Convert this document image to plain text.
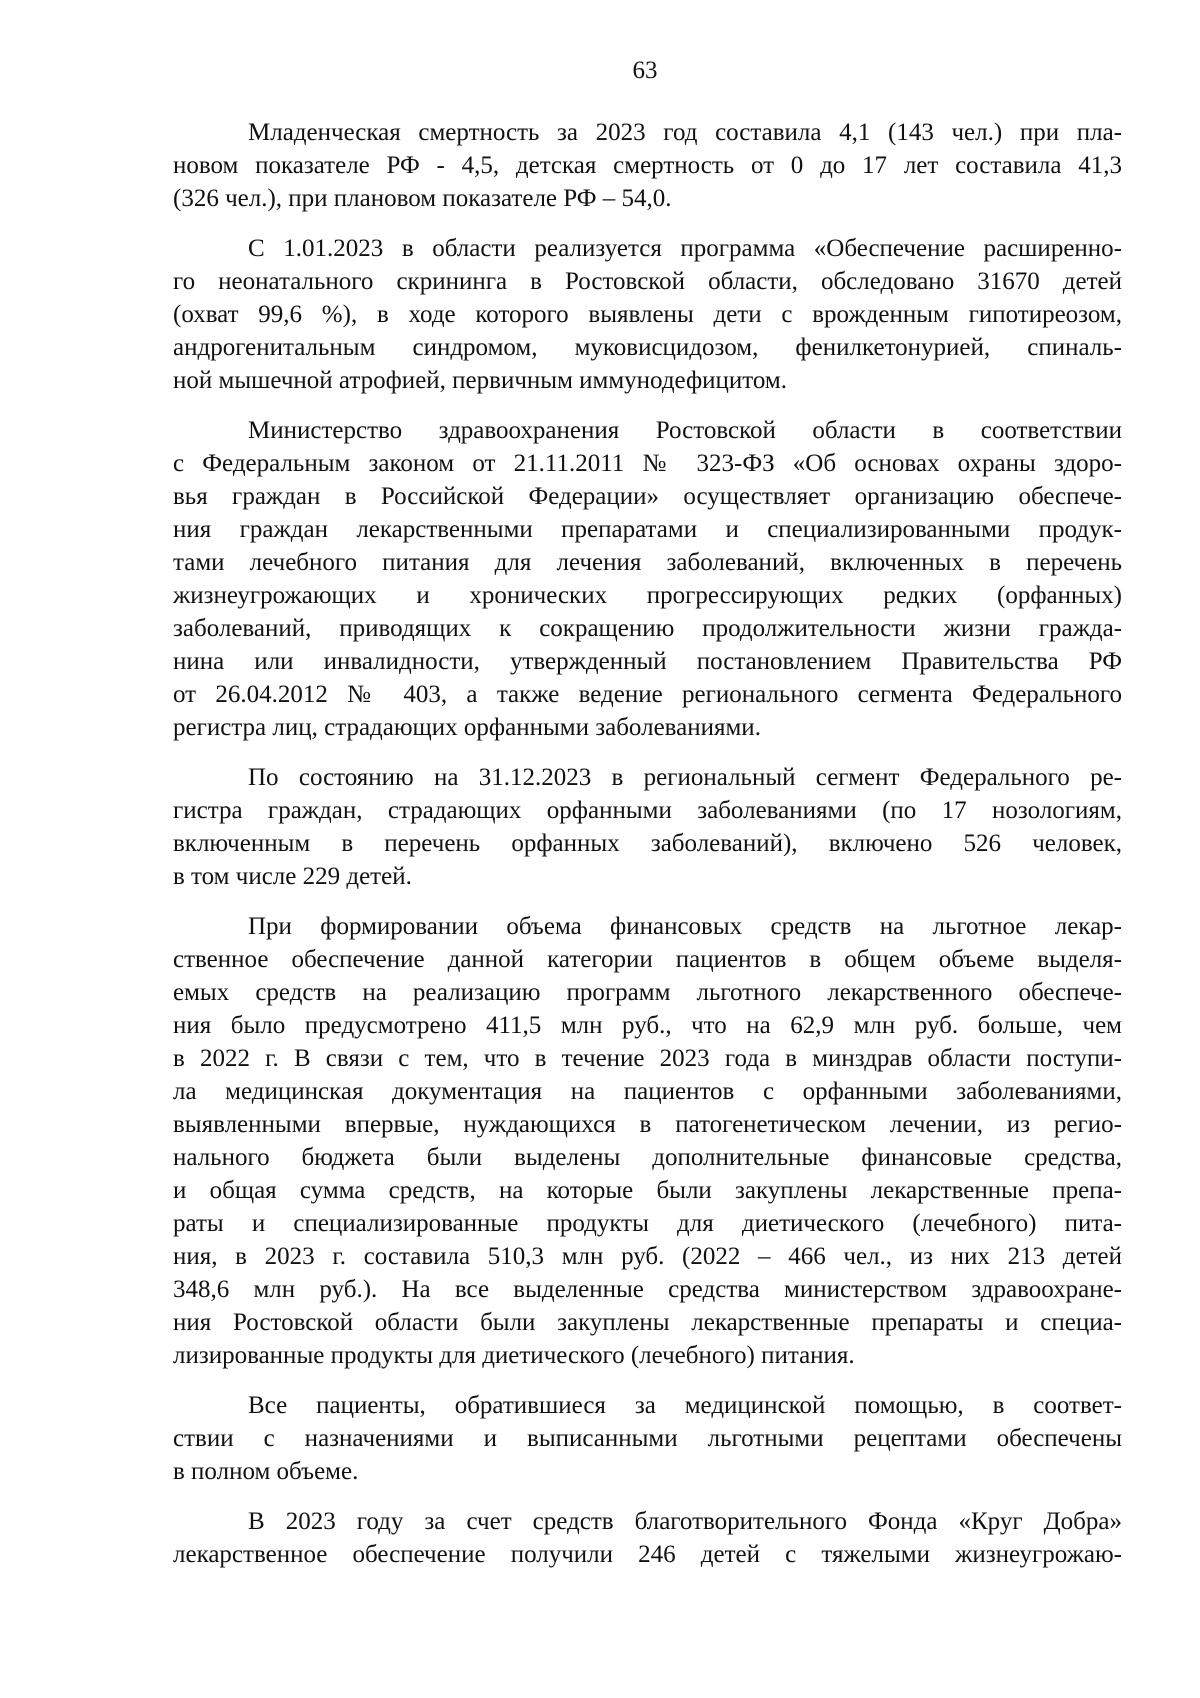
63

Младенческая смертность за 2023 год составила 4,1 (143 чел.) при пла-
новом показателе РФ - 4,5, детская смертность от 0 до 17 лет составила 41,3
(326 чел.), при плановом показателе РФ – 54,0.

С 1.01.2023 в области реализуется программа «Обеспечение расширенно-
го неонатального скрининга в Ростовской области, обследовано 31670 детей
(охват 99,6 %), в ходе которого выявлены дети с врожденным гипотиреозом,
андрогенитальным синдромом, муковисцидозом, фенилкетонурией, спиналь-
ной мышечной атрофией, первичным иммунодефицитом.

Министерство здравоохранения Ростовской области в соответствии
с Федеральным законом от 21.11.2011 № 323-ФЗ «Об основах охраны здоро-
вья граждан в Российской Федерации» осуществляет организацию обеспече-
ния граждан лекарственными препаратами и специализированными продук-
тами лечебного питания для лечения заболеваний, включенных в перечень
жизнеугрожающих и хронических прогрессирующих редких (орфанных)
заболеваний, приводящих к сокращению продолжительности жизни гражда-
нина или инвалидности, утвержденный постановлением Правительства РФ
от 26.04.2012 № 403, а также ведение регионального сегмента Федерального
регистра лиц, страдающих орфанными заболеваниями.

По состоянию на 31.12.2023 в региональный сегмент Федерального ре-
гистра граждан, страдающих орфанными заболеваниями (по 17 нозологиям,
включенным в перечень орфанных заболеваний), включено 526 человек,
в том числе 229 детей.

При формировании объема финансовых средств на льготное лекар-
ственное обеспечение данной категории пациентов в общем объеме выделя-
емых средств на реализацию программ льготного лекарственного обеспече-
ния было предусмотрено 411,5 млн руб., что на 62,9 млн руб. больше, чем
в 2022 г. В связи с тем, что в течение 2023 года в минздрав области поступи-
ла медицинская документация на пациентов с орфанными заболеваниями,
выявленными впервые, нуждающихся в патогенетическом лечении, из регио-
нального бюджета были выделены дополнительные финансовые средства,
и общая сумма средств, на которые были закуплены лекарственные препа-
раты и специализированные продукты для диетического (лечебного) пита-
ния, в 2023 г. составила 510,3 млн руб. (2022 – 466 чел., из них 213 детей
348,6 млн руб.). На все выделенные средства министерством здравоохране-
ния Ростовской области были закуплены лекарственные препараты и специа-
лизированные продукты для диетического (лечебного) питания.

Все пациенты, обратившиеся за медицинской помощью, в соответ-
ствии с назначениями и выписанными льготными рецептами обеспечены
в полном объеме.

В 2023 году за счет средств благотворительного Фонда «Круг Добра»
лекарственное обеспечение получили 246 детей с тяжелыми жизнеугрожаю-
